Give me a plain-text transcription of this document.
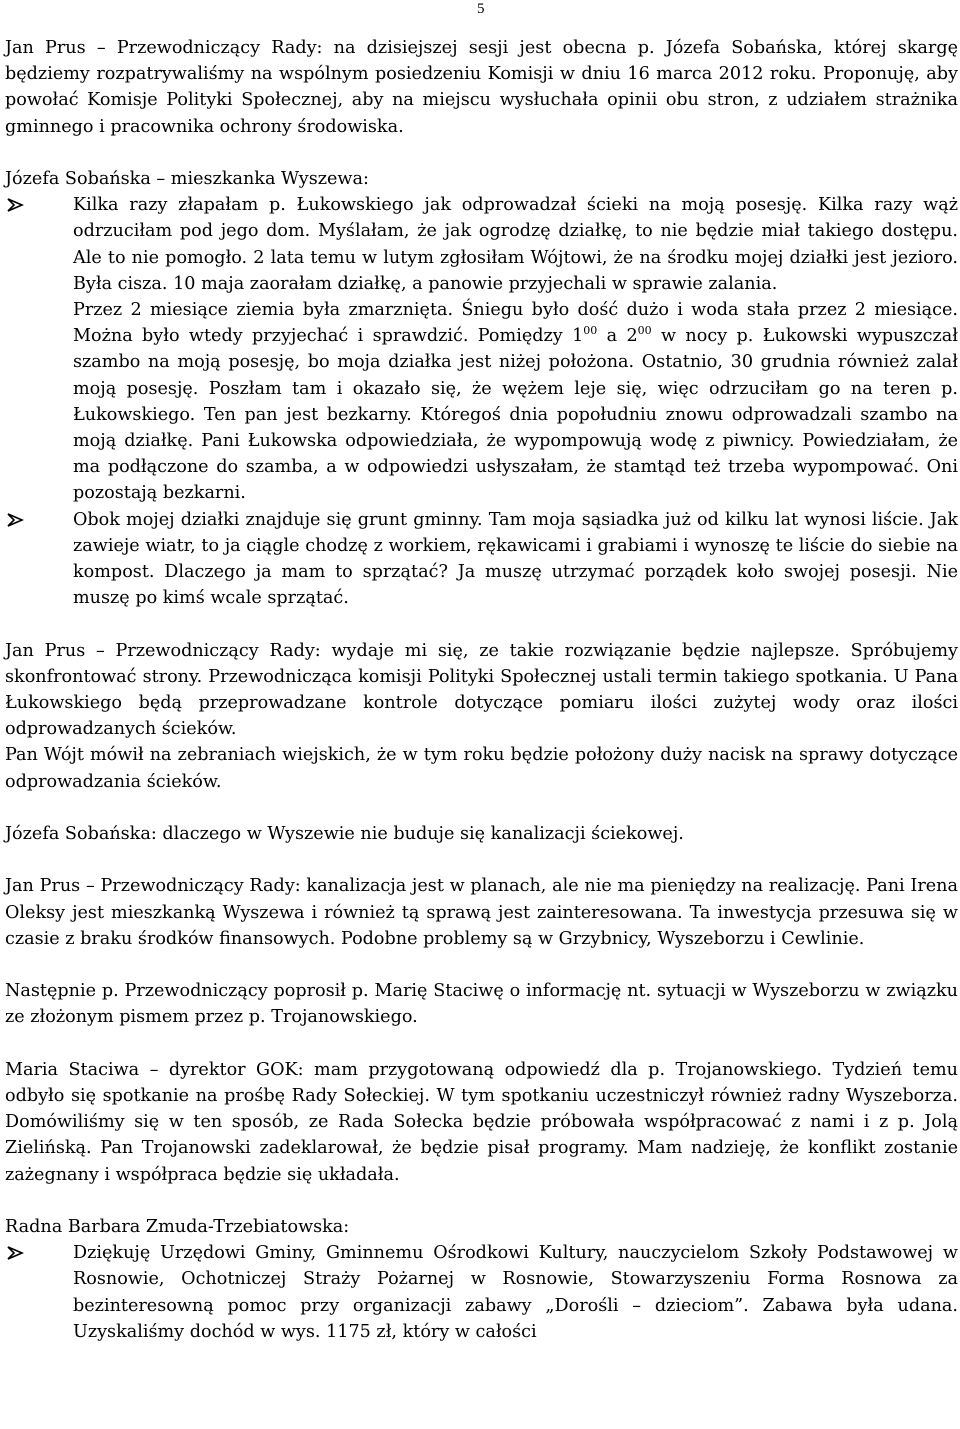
5

Jan Prus – Przewodniczący Rady: na dzisiejszej sesji jest obecna p. Józefa Sobańska, której skargę będziemy rozpatrywaliśmy na wspólnym posiedzeniu Komisji w dniu 16 marca 2012 roku. Proponuję, aby powołać Komisje Polityki Społecznej, aby na miejscu wysłuchała opinii obu stron, z udziałem strażnika gminnego i pracownika ochrony środowiska.

Józefa Sobańska – mieszkanka Wyszewa:

Kilka razy złapałam p. Łukowskiego jak odprowadzał ścieki na moją posesję. Kilka razy wąż odrzuciłam pod jego dom. Myślałam, że jak ogrodzę działkę, to nie będzie miał takiego dostępu. Ale to nie pomogło. 2 lata temu w lutym zgłosiłam Wójtowi, że na środku mojej działki jest jezioro. Była cisza. 10 maja zaorałam działkę, a panowie przyjechali w sprawie zalania.
Przez 2 miesiące ziemia była zmarznięta. Śniegu było dość dużo i woda stała przez 2 miesiące. Można było wtedy przyjechać i sprawdzić. Pomiędzy $1^{00}$ a $2^{00}$ w nocy p. Łukowski wypuszczał szambo na moją posesję, bo moja działka jest niżej położona. Ostatnio, 30 grudnia również zalał moją posesję. Poszłam tam i okazało się, że wężem leje się, więc odrzuciłam go na teren p. Łukowskiego. Ten pan jest bezkarny. Któregoś dnia popołudniu znowu odprowadzali szambo na moją działkę. Pani Łukowska odpowiedziała, że wypompowują wodę z piwnicy. Powiedziałam, że ma podłączone do szamba, a w odpowiedzi usłyszałam, że stamtąd też trzeba wypompować. Oni pozostają bezkarni.
Obok mojej działki znajduje się grunt gminny. Tam moja sąsiadka już od kilku lat wynosi liście. Jak zawieje wiatr, to ja ciągle chodzę z workiem, rękawicami i grabiami i wynoszę te liście do siebie na kompost. Dlaczego ja mam to sprzątać? Ja muszę utrzymać porządek koło swojej posesji. Nie muszę po kimś wcale sprzątać.

Jan Prus – Przewodniczący Rady: wydaje mi się, ze takie rozwiązanie będzie najlepsze. Spróbujemy skonfrontować strony. Przewodnicząca komisji Polityki Społecznej ustali termin takiego spotkania. U Pana Łukowskiego będą przeprowadzane kontrole dotyczące pomiaru ilości zużytej wody oraz ilości odprowadzanych ścieków.

Pan Wójt mówił na zebraniach wiejskich, że w tym roku będzie położony duży nacisk na sprawy dotyczące odprowadzania ścieków.

Józefa Sobańska: dlaczego w Wyszewie nie buduje się kanalizacji ściekowej.

Jan Prus – Przewodniczący Rady: kanalizacja jest w planach, ale nie ma pieniędzy na realizację. Pani Irena Oleksy jest mieszkanką Wyszewa i również tą sprawą jest zainteresowana. Ta inwestycja przesuwa się w czasie z braku środków finansowych. Podobne problemy są w Grzybnicy, Wyszeborzu i Cewlinie.

Następnie p. Przewodniczący poprosił p. Marię Staciwę o informację nt. sytuacji w Wyszeborzu w związku ze złożonym pismem przez p. Trojanowskiego.

Maria Staciwa – dyrektor GOK: mam przygotowaną odpowiedź dla p. Trojanowskiego. Tydzień temu odbyło się spotkanie na prośbę Rady Sołeckiej. W tym spotkaniu uczestniczył również radny Wyszeborza. Domówiliśmy się w ten sposób, ze Rada Sołecka będzie próbowała współpracować z nami i z p. Jolą Zielińską. Pan Trojanowski zadeklarował, że będzie pisał programy. Mam nadzieję, że konflikt zostanie zażegnany i współpraca będzie się układała.

Radna Barbara Zmuda-Trzebiatowska:

Dziękuję Urzędowi Gminy, Gminnemu Ośrodkowi Kultury, nauczycielom Szkoły Podstawowej w Rosnowie, Ochotniczej Straży Pożarnej w Rosnowie, Stowarzyszeniu Forma Rosnowa za bezinteresowną pomoc przy organizacji zabawy „Dorośli – dzieciom”. Zabawa była udana. Uzyskaliśmy dochód w wys. 1175 zł, który w całości
